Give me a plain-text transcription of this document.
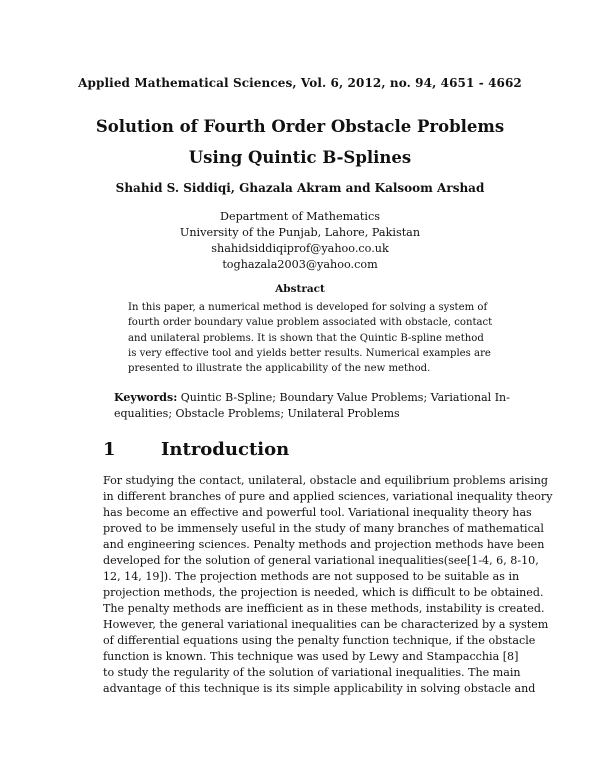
Applied Mathematical Sciences, Vol. 6, 2012, no. 94, 4651 - 4662
Solution of Fourth Order Obstacle Problems
Using Quintic B-Splines
Shahid S. Siddiqi, Ghazala Akram and Kalsoom Arshad
Department of Mathematics
University of the Punjab, Lahore, Pakistan
shahidsiddiqiprof@yahoo.co.uk
toghazala2003@yahoo.com
Abstract
In this paper, a numerical method is developed for solving a system of
fourth order boundary value problem associated with obstacle, contact
and unilateral problems. It is shown that the Quintic B-spline method
is very effective tool and yields better results. Numerical examples are
presented to illustrate the applicability of the new method.
Keywords: Quintic B-Spline; Boundary Value Problems; Variational In-
equalities; Obstacle Problems; Unilateral Problems
1	Introduction
For studying the contact, unilateral, obstacle and equilibrium problems arising
in different branches of pure and applied sciences, variational inequality theory
has become an effective and powerful tool. Variational inequality theory has
proved to be immensely useful in the study of many branches of mathematical
and engineering sciences. Penalty methods and projection methods have been
developed for the solution of general variational inequalities(see[1-4, 6, 8-10,
12, 14, 19]). The projection methods are not supposed to be suitable as in
projection methods, the projection is needed, which is difficult to be obtained.
The penalty methods are inefficient as in these methods, instability is created.
However, the general variational inequalities can be characterized by a system
of differential equations using the penalty function technique, if the obstacle
function is known. This technique was used by Lewy and Stampacchia [8]
to study the regularity of the solution of variational inequalities. The main
advantage of this technique is its simple applicability in solving obstacle and
